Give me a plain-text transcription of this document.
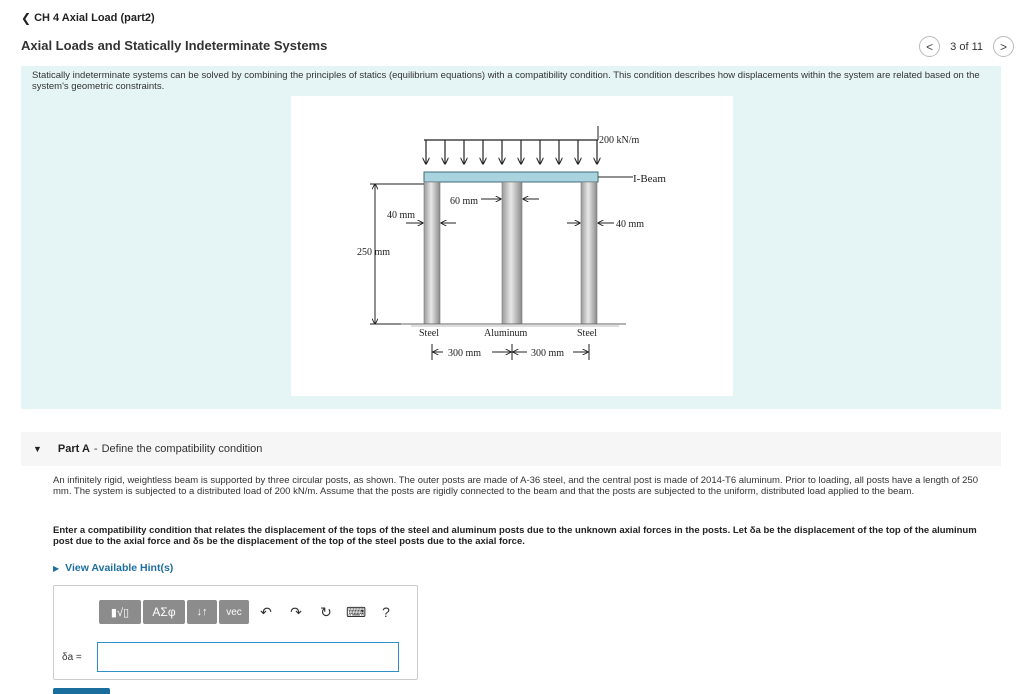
❮ CH 4 Axial Load (part2)
Axial Loads and Statically Indeterminate Systems	< 3 of 11 >
Statically indeterminate systems can be solved by combining the principles of statics (equilibrium equations) with a compatibility condition. This condition describes how displacements within the system are related based on the system's geometric constraints.
200 kN/m
I-Beam
250 mm
40 mm
60 mm
40 mm
Steel	Aluminum	Steel
300 mm	300 mm
▼ Part A - Define the compatibility condition
An infinitely rigid, weightless beam is supported by three circular posts, as shown. The outer posts are made of A-36 steel, and the central post is made of 2014-T6 aluminum. Prior to loading, all posts have a length of 250 mm. The system is subjected to a distributed load of 200 kN/m. Assume that the posts are rigidly connected to the beam and that the posts are subjected to the uniform, distributed load applied to the beam.
Enter a compatibility condition that relates the displacement of the tops of the steel and aluminum posts due to the unknown axial forces in the posts. Let δa be the displacement of the top of the aluminum post due to the axial force and δs be the displacement of the top of the steel posts due to the axial force.
▶ View Available Hint(s)
▮√▯	ΑΣφ	↓↑	vec	↶	↷	↻	⌨	?
δa =
